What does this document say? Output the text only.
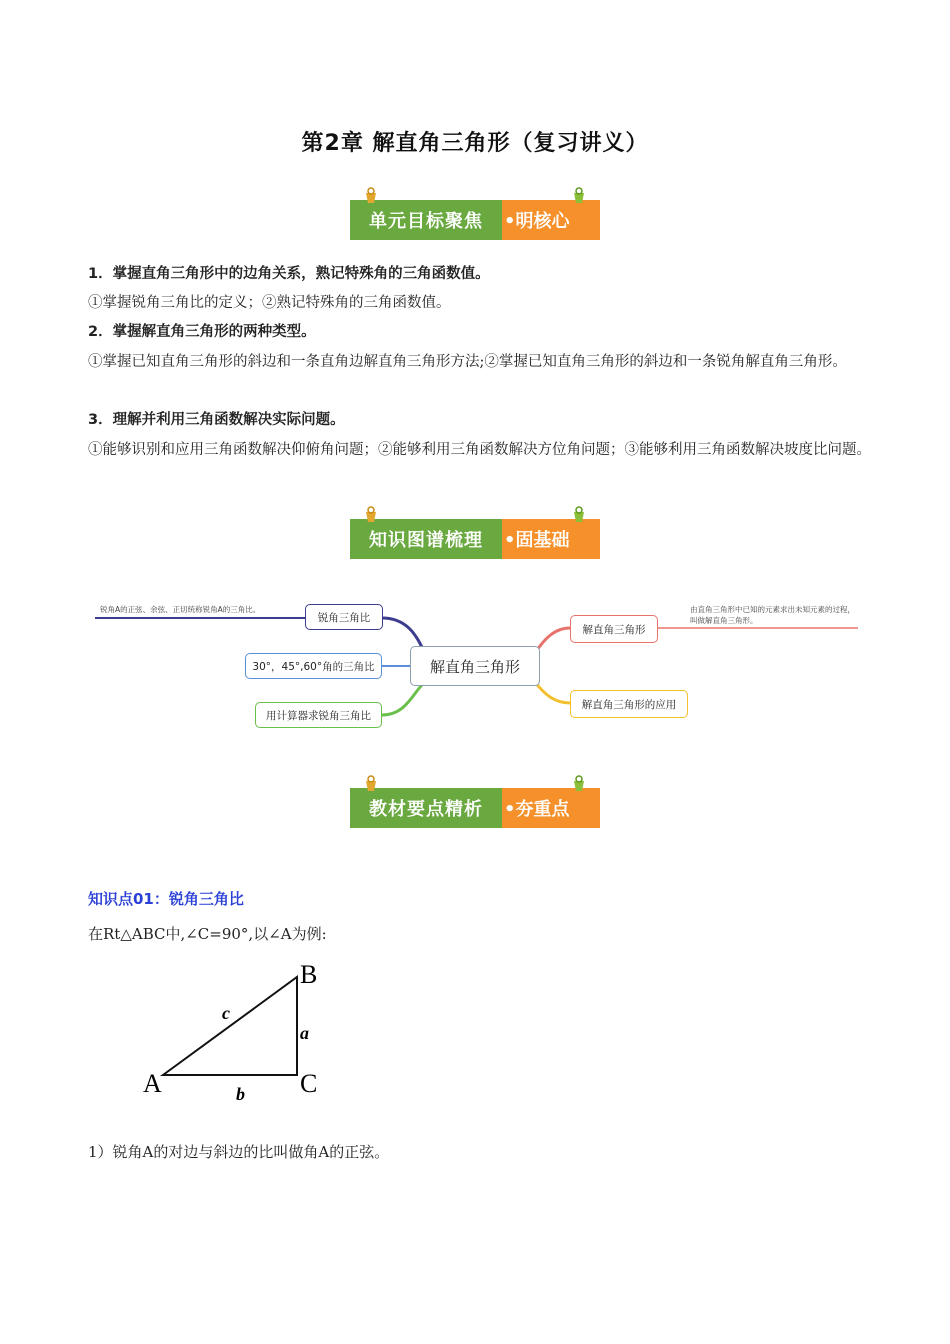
第2章 解直角三角形（复习讲义）
单元目标聚焦	•明核心
1．掌握直角三角形中的边角关系，熟记特殊角的三角函数值。
①掌握锐角三角比的定义；②熟记特殊角的三角函数值。
2．掌握解直角三角形的两种类型。
①掌握已知直角三角形的斜边和一条直角边解直角三角形方法;②掌握已知直角三角形的斜边和一条锐角解直角三角形。
3．理解并利用三角函数解决实际问题。
①能够识别和应用三角函数解决仰俯角问题；②能够利用三角函数解决方位角问题；③能够利用三角函数解决坡度比问题。
知识图谱梳理	•固基础
锐角A的正弦、余弦、正切统称锐角A的三角比。	由直角三角形中已知的元素求出未知元素的过程，叫做解直角三角形。
锐角三角比
30°，45°,60°角的三角比
用计算器求锐角三角比
解直角三角形
解直角三角形
解直角三角形的应用
教材要点精析	•夯重点
知识点01：锐角三角比
在Rt△ABC中,∠C=90°,以∠A为例:
A
B
C
a
b
c
1）锐角A的对边与斜边的比叫做角A的正弦。
